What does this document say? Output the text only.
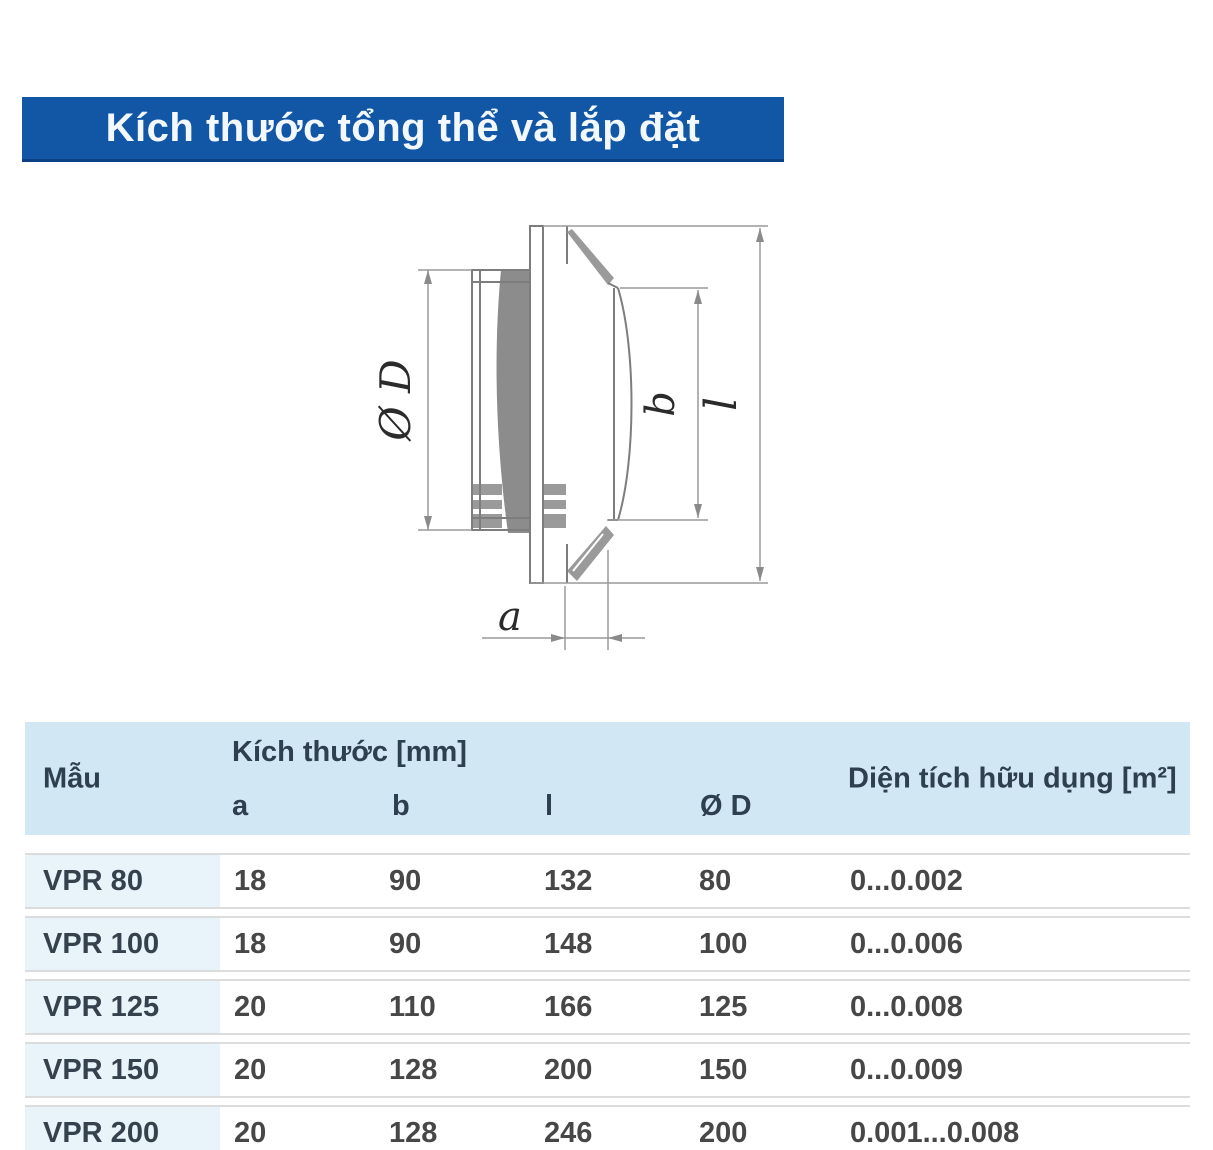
Kích thước tổng thể và lắp đặt
Ø D	b l
a
Mẫu
Kích thước [mm]
a	b	l	Ø D
Diện tích hữu dụng [m²]
VPR 80	18	90	132	80	0...0.002
VPR 100	18	90	148	100	0...0.006
VPR 125	20	110	166	125	0...0.008
VPR 150	20	128	200	150	0...0.009
VPR 200	20	128	246	200	0.001...0.008
